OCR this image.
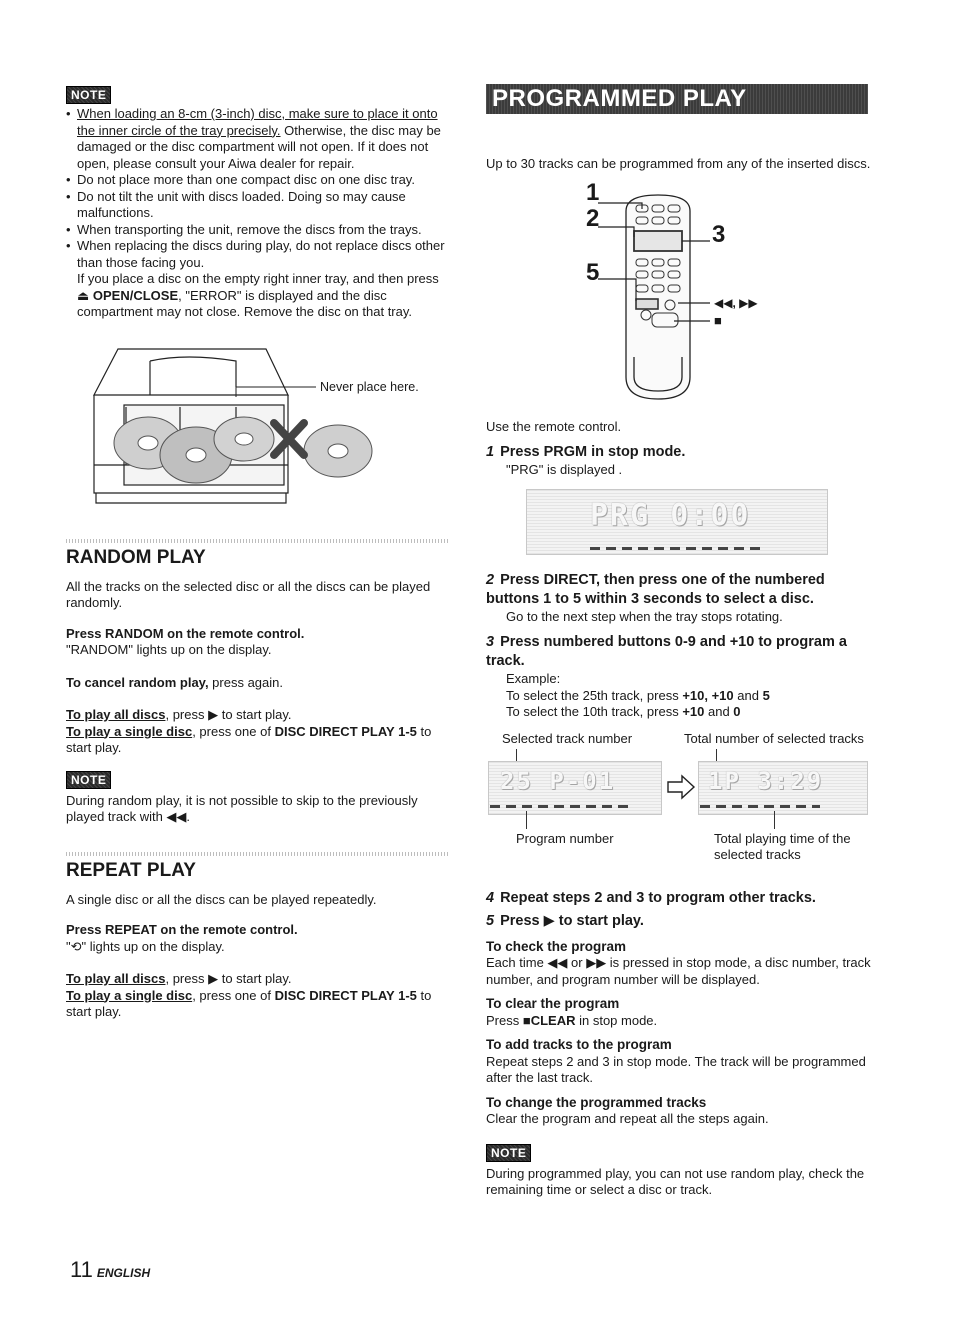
NOTE
• When loading an 8-cm (3-inch) disc, make sure to place it onto the inner circle of the tray precisely. Otherwise, the disc may be damaged or the disc compartment will not open. If it does not open, please consult your Aiwa dealer for repair.
• Do not place more than one compact disc on one disc tray.
• Do not tilt the unit with discs loaded. Doing so may cause malfunctions.
• When transporting the unit, remove the discs from the trays.
• When replacing the discs during play, do not replace discs other than those facing you.
If you place a disc on the empty right inner tray, and then press ⏏ OPEN/CLOSE, "ERROR" is displayed and the disc compartment may not close. Remove the disc on that tray.
Never place here.
RANDOM PLAY

All the tracks on the selected disc or all the discs can be played randomly.

Press RANDOM on the remote control.

"RANDOM" lights up on the display.

To cancel random play, press again.

To play all discs, press ▶ to start play.

To play a single disc, press one of DISC DIRECT PLAY 1-5 to start play.

NOTE

During random play, it is not possible to skip to the previously played track with ◀◀.

REPEAT PLAY

A single disc or all the discs can be played repeatedly.

Press REPEAT on the remote control.

"⟲" lights up on the display.

To play all discs, press ▶ to start play.

To play a single disc, press one of DISC DIRECT PLAY 1-5 to start play.

PROGRAMMED PLAY

Up to 30 tracks can be programmed from any of the inserted discs.

1
2
3
5
◀◀, ▶▶
■

Use the remote control.

1 Press PRGM in stop mode.

"PRG" is displayed .

PRG 0:00
2 Press DIRECT, then press one of the numbered buttons 1 to 5 within 3 seconds to select a disc.

Go to the next step when the tray stops rotating.

3 Press numbered buttons 0-9 and +10 to program a track.

Example:

To select the 25th track, press +10, +10 and 5

To select the 10th track, press +10 and 0

Selected track number	Total number of selected tracks
25 P-01	1P 3:29
Program number	Total playing time of the selected tracks
4 Repeat steps 2 and 3 to program other tracks.
5 Press ▶ to start play.
To check the program

Each time ◀◀ or ▶▶ is pressed in stop mode, a disc number, track number, and program number will be displayed.

To clear the program

Press ■CLEAR in stop mode.

To add tracks to the program

Repeat steps 2 and 3 in stop mode. The track will be programmed after the last track.

To change the programmed tracks

Clear the program and repeat all the steps again.

NOTE

During programmed play, you can not use random play, check the remaining time or select a disc or track.

11 ENGLISH
